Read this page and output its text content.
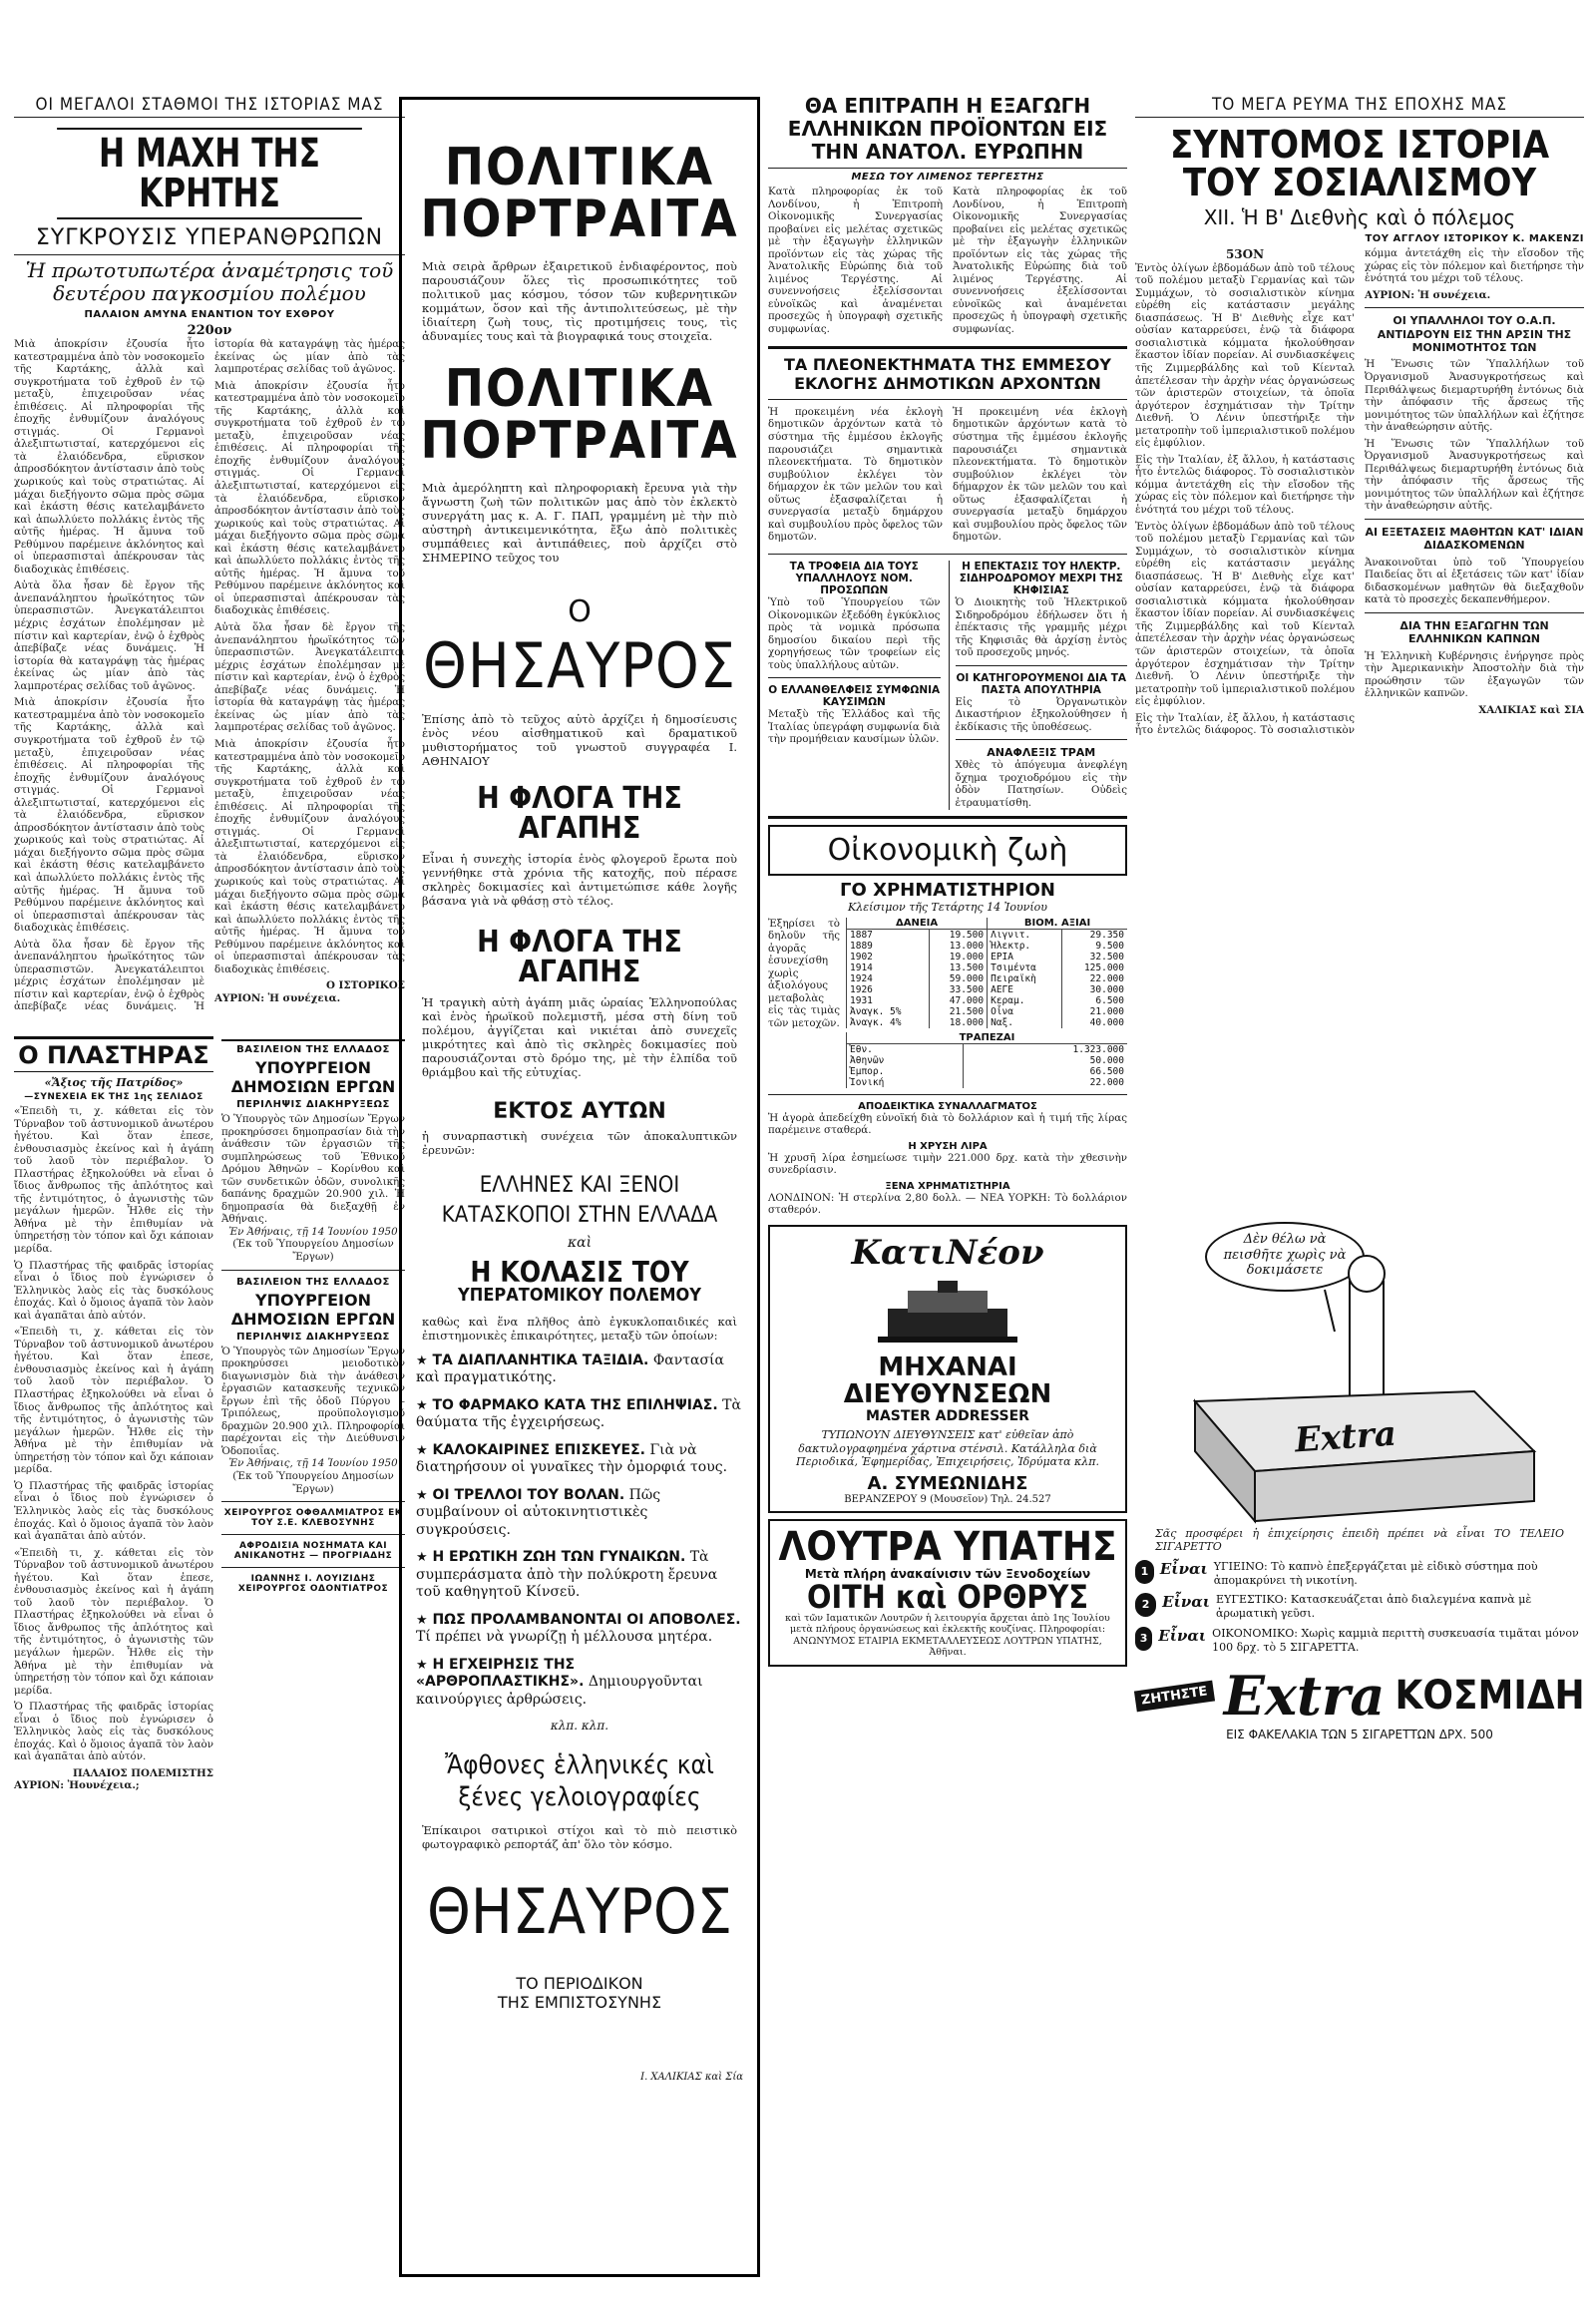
ΟΙ ΜΕΓΑΛΟΙ ΣΤΑΘΜΟΙ ΤΗΣ ΙΣΤΟΡΙΑΣ ΜΑΣ
Η ΜΑΧΗ ΤΗΣ ΚΡΗΤΗΣ
ΣΥΓΚΡΟΥΣΙΣ ΥΠΕΡΑΝΘΡΩΠΩΝ
Ἡ πρωτοτυπωτέρα ἀναμέτρησις τοῦ δευτέρου παγκοσμίου πολέμου
ΠΑΛΑΙΟΝ ΑΜΥΝΑ ΕΝΑΝΤΙΟΝ ΤΟΥ ΕΧΘΡΟΥ
220ον

Μιὰ ἀποκρίσιν ἐζουσία ἦτο κατεστραμμένα ἀπὸ τὸν νοσοκομεῖο τῆς Καρτάκης, ἀλλὰ καὶ συγκροτήματα τοῦ ἐχθροῦ ἐν τῷ μεταξὺ, ἐπιχειροῦσαν νέας ἐπιθέσεις. Αἱ πληροφορίαι τῆς ἐποχῆς ἐνθυμίζουν ἀναλόγους στιγμάς. Οἱ Γερμανοὶ ἀλεξιπτωτισταί, κατερχόμενοι εἰς τὰ ἐλαιόδενδρα, εὕρισκον ἀπροσδόκητον ἀντίστασιν ἀπὸ τοὺς χωρικούς καὶ τοὺς στρατιώτας. Αἱ μάχαι διεξήγοντο σῶμα πρὸς σῶμα καὶ ἐκάστη θέσις κατελαμβάνετο καὶ ἀπωλλύετο πολλάκις ἐντὸς τῆς αὐτῆς ἡμέρας. Ἡ ἄμυνα τοῦ Ρεθύμνου παρέμεινε ἀκλόνητος καὶ οἱ ὑπερασπισταὶ ἀπέκρουσαν τὰς διαδοχικὰς ἐπιθέσεις.

Αὐτὰ ὅλα ἦσαν δὲ ἔργον τῆς ἀνεπανάληπτου ἡρωϊκότητος τῶν ὑπερασπιστῶν. Ἀνεγκατάλειπτοι μέχρις ἐσχάτων ἐπολέμησαν μὲ πίστιν καὶ καρτερίαν, ἐνῷ ὁ ἐχθρὸς ἀπεβίβαζε νέας δυνάμεις. Ἡ ἰστορία θὰ καταγράψῃ τὰς ἡμέρας ἐκείνας ὡς μίαν ἀπὸ τὰς λαμπροτέρας σελίδας τοῦ ἀγῶνος.

Μιὰ ἀποκρίσιν ἐζουσία ἦτο κατεστραμμένα ἀπὸ τὸν νοσοκομεῖο τῆς Καρτάκης, ἀλλὰ καὶ συγκροτήματα τοῦ ἐχθροῦ ἐν τῷ μεταξὺ, ἐπιχειροῦσαν νέας ἐπιθέσεις. Αἱ πληροφορίαι τῆς ἐποχῆς ἐνθυμίζουν ἀναλόγους στιγμάς. Οἱ Γερμανοὶ ἀλεξιπτωτισταί, κατερχόμενοι εἰς τὰ ἐλαιόδενδρα, εὕρισκον ἀπροσδόκητον ἀντίστασιν ἀπὸ τοὺς χωρικούς καὶ τοὺς στρατιώτας. Αἱ μάχαι διεξήγοντο σῶμα πρὸς σῶμα καὶ ἐκάστη θέσις κατελαμβάνετο καὶ ἀπωλλύετο πολλάκις ἐντὸς τῆς αὐτῆς ἡμέρας. Ἡ ἄμυνα τοῦ Ρεθύμνου παρέμεινε ἀκλόνητος καὶ οἱ ὑπερασπισταὶ ἀπέκρουσαν τὰς διαδοχικὰς ἐπιθέσεις.

Αὐτὰ ὅλα ἦσαν δὲ ἔργον τῆς ἀνεπανάληπτου ἡρωϊκότητος τῶν ὑπερασπιστῶν. Ἀνεγκατάλειπτοι μέχρις ἐσχάτων ἐπολέμησαν μὲ πίστιν καὶ καρτερίαν, ἐνῷ ὁ ἐχθρὸς ἀπεβίβαζε νέας δυνάμεις. Ἡ ἰστορία θὰ καταγράψῃ τὰς ἡμέρας ἐκείνας ὡς μίαν ἀπὸ τὰς λαμπροτέρας σελίδας τοῦ ἀγῶνος.

Μιὰ ἀποκρίσιν ἐζουσία ἦτο κατεστραμμένα ἀπὸ τὸν νοσοκομεῖο τῆς Καρτάκης, ἀλλὰ καὶ συγκροτήματα τοῦ ἐχθροῦ ἐν τῷ μεταξὺ, ἐπιχειροῦσαν νέας ἐπιθέσεις. Αἱ πληροφορίαι τῆς ἐποχῆς ἐνθυμίζουν ἀναλόγους στιγμάς. Οἱ Γερμανοὶ ἀλεξιπτωτισταί, κατερχόμενοι εἰς τὰ ἐλαιόδενδρα, εὕρισκον ἀπροσδόκητον ἀντίστασιν ἀπὸ τοὺς χωρικούς καὶ τοὺς στρατιώτας. Αἱ μάχαι διεξήγοντο σῶμα πρὸς σῶμα καὶ ἐκάστη θέσις κατελαμβάνετο καὶ ἀπωλλύετο πολλάκις ἐντὸς τῆς αὐτῆς ἡμέρας. Ἡ ἄμυνα τοῦ Ρεθύμνου παρέμεινε ἀκλόνητος καὶ οἱ ὑπερασπισταὶ ἀπέκρουσαν τὰς διαδοχικὰς ἐπιθέσεις.

Αὐτὰ ὅλα ἦσαν δὲ ἔργον τῆς ἀνεπανάληπτου ἡρωϊκότητος τῶν ὑπερασπιστῶν. Ἀνεγκατάλειπτοι μέχρις ἐσχάτων ἐπολέμησαν μὲ πίστιν καὶ καρτερίαν, ἐνῷ ὁ ἐχθρὸς ἀπεβίβαζε νέας δυνάμεις. Ἡ ἰστορία θὰ καταγράψῃ τὰς ἡμέρας ἐκείνας ὡς μίαν ἀπὸ τὰς λαμπροτέρας σελίδας τοῦ ἀγῶνος.

Μιὰ ἀποκρίσιν ἐζουσία ἦτο κατεστραμμένα ἀπὸ τὸν νοσοκομεῖο τῆς Καρτάκης, ἀλλὰ καὶ συγκροτήματα τοῦ ἐχθροῦ ἐν τῷ μεταξὺ, ἐπιχειροῦσαν νέας ἐπιθέσεις. Αἱ πληροφορίαι τῆς ἐποχῆς ἐνθυμίζουν ἀναλόγους στιγμάς. Οἱ Γερμανοὶ ἀλεξιπτωτισταί, κατερχόμενοι εἰς τὰ ἐλαιόδενδρα, εὕρισκον ἀπροσδόκητον ἀντίστασιν ἀπὸ τοὺς χωρικούς καὶ τοὺς στρατιώτας. Αἱ μάχαι διεξήγοντο σῶμα πρὸς σῶμα καὶ ἐκάστη θέσις κατελαμβάνετο καὶ ἀπωλλύετο πολλάκις ἐντὸς τῆς αὐτῆς ἡμέρας. Ἡ ἄμυνα τοῦ Ρεθύμνου παρέμεινε ἀκλόνητος καὶ οἱ ὑπερασπισταὶ ἀπέκρουσαν τὰς διαδοχικὰς ἐπιθέσεις.

Ο ΙΣΤΟΡΙΚΟΣ

ΑΥΡΙΟΝ: Ἡ συνέχεια.

Ο ΠΛΑΣΤΗΡΑΣ
«Ἄξιος τῆς Πατρίδος»
—ΣΥΝΕΧΕΙΑ ΕΚ ΤΗΣ 1ης ΣΕΛΙΔΟΣ

«Ἐπειδὴ τι, χ. κάθεται εἰς τὸν Τύρναβον τοῦ ἀστυνομικοῦ ἀνωτέρου ἡγέτου. Καὶ ὅταν ἐπεσε, ἐνθουσιασμὸς ἐκείνος καὶ ἡ ἀγάπη τοῦ λαοῦ τὸν περιέβαλον. Ὁ Πλαστήρας ἐξηκολούθει νὰ εἶναι ὁ ἴδιος ἄνθρωπος τῆς ἁπλότητος καὶ τῆς ἐντιμότητος, ὁ ἀγωνιστὴς τῶν μεγάλων ἡμερῶν. Ἦλθε εἰς τὴν Ἀθήνα μὲ τὴν ἐπιθυμίαν νὰ ὑπηρετήσῃ τὸν τόπον καὶ ὄχι κάποιαν μερίδα.

Ὁ Πλαστήρας τῆς φαιδρᾶς ἱστορίας εἶναι ὁ ἴδιος ποὺ ἐγνώρισεν ὁ Ἑλληνικὸς λαὸς εἰς τὰς δυσκόλους ἐποχάς. Καὶ ὁ ὅμοιος ἀγαπᾶ τὸν λαὸν καὶ ἀγαπᾶται ἀπὸ αὐτόν.

«Ἐπειδὴ τι, χ. κάθεται εἰς τὸν Τύρναβον τοῦ ἀστυνομικοῦ ἀνωτέρου ἡγέτου. Καὶ ὅταν ἐπεσε, ἐνθουσιασμὸς ἐκείνος καὶ ἡ ἀγάπη τοῦ λαοῦ τὸν περιέβαλον. Ὁ Πλαστήρας ἐξηκολούθει νὰ εἶναι ὁ ἴδιος ἄνθρωπος τῆς ἁπλότητος καὶ τῆς ἐντιμότητος, ὁ ἀγωνιστὴς τῶν μεγάλων ἡμερῶν. Ἦλθε εἰς τὴν Ἀθήνα μὲ τὴν ἐπιθυμίαν νὰ ὑπηρετήσῃ τὸν τόπον καὶ ὄχι κάποιαν μερίδα.

Ὁ Πλαστήρας τῆς φαιδρᾶς ἱστορίας εἶναι ὁ ἴδιος ποὺ ἐγνώρισεν ὁ Ἑλληνικὸς λαὸς εἰς τὰς δυσκόλους ἐποχάς. Καὶ ὁ ὅμοιος ἀγαπᾶ τὸν λαὸν καὶ ἀγαπᾶται ἀπὸ αὐτόν.

«Ἐπειδὴ τι, χ. κάθεται εἰς τὸν Τύρναβον τοῦ ἀστυνομικοῦ ἀνωτέρου ἡγέτου. Καὶ ὅταν ἐπεσε, ἐνθουσιασμὸς ἐκείνος καὶ ἡ ἀγάπη τοῦ λαοῦ τὸν περιέβαλον. Ὁ Πλαστήρας ἐξηκολούθει νὰ εἶναι ὁ ἴδιος ἄνθρωπος τῆς ἁπλότητος καὶ τῆς ἐντιμότητος, ὁ ἀγωνιστὴς τῶν μεγάλων ἡμερῶν. Ἦλθε εἰς τὴν Ἀθήνα μὲ τὴν ἐπιθυμίαν νὰ ὑπηρετήσῃ τὸν τόπον καὶ ὄχι κάποιαν μερίδα.

Ὁ Πλαστήρας τῆς φαιδρᾶς ἱστορίας εἶναι ὁ ἴδιος ποὺ ἐγνώρισεν ὁ Ἑλληνικὸς λαὸς εἰς τὰς δυσκόλους ἐποχάς. Καὶ ὁ ὅμοιος ἀγαπᾶ τὸν λαὸν καὶ ἀγαπᾶται ἀπὸ αὐτόν.

ΠΑΛΑΙΟΣ ΠΟΛΕΜΙΣΤΗΣ

ΑΥΡΙΟΝ: Ἠουνέχεια.;

ΒΑΣΙΛΕΙΟΝ ΤΗΣ ΕΛΛΑΔΟΣ
ΥΠΟΥΡΓΕΙΟΝ ΔΗΜΟΣΙΩΝ ΕΡΓΩΝ
ΠΕΡΙΛΗΨΙΣ ΔΙΑΚΗΡΥΞΕΩΣ
Ὁ Ὑπουργὸς τῶν Δημοσίων Ἔργων προκηρύσσει δημοπρασίαν διὰ τὴν ἀνάθεσιν τῶν ἐργασιῶν τῆς συμπληρώσεως τοῦ Ἐθνικοῦ Δρόμου Ἀθηνῶν – Κορίνθου καὶ τῶν συνδετικῶν ὁδῶν, συνολικῆς δαπάνης δραχμῶν 20.900 χιλ. Ἡ δημοπρασία θὰ διεξαχθῇ ἐν Ἀθήναις.
Ἐν Ἀθήναις, τῇ 14 Ἰουνίου 1950
(Ἐκ τοῦ Ὑπουργείου Δημοσίων Ἔργων)
ΒΑΣΙΛΕΙΟΝ ΤΗΣ ΕΛΛΑΔΟΣ
ΥΠΟΥΡΓΕΙΟΝ ΔΗΜΟΣΙΩΝ ΕΡΓΩΝ
ΠΕΡΙΛΗΨΙΣ ΔΙΑΚΗΡΥΞΕΩΣ
Ὁ Ὑπουργὸς τῶν Δημοσίων Ἔργων προκηρύσσει μειοδοτικὸν διαγωνισμὸν διὰ τὴν ἀνάθεσιν ἐργασιῶν κατασκευῆς τεχνικῶν ἔργων ἐπὶ τῆς ὁδοῦ Πύργου – Τριπόλεως, προϋπολογισμοῦ δραχμῶν 20.900 χιλ. Πληροφορίαι παρέχονται εἰς τὴν Διεύθυνσιν Ὁδοποιΐας.
Ἐν Ἀθήναις, τῇ 14 Ἰουνίου 1950
(Ἐκ τοῦ Ὑπουργείου Δημοσίων Ἔργων)
ΧΕΙΡΟΥΡΓΟΣ ΟΦΘΑΛΜΙΑΤΡΟΣ ΕΚ ΤΟΥ Σ.Ε. ΚΛΕΒΟΣΥΝΗΣ
ΑΦΡΟΔΙΣΙΑ ΝΟΣΗΜΑΤΑ ΚΑΙ ΑΝΙΚΑΝΟΤΗΣ — ΠΡΟΓΡΙΑΔΗΣ
ΙΩΑΝΝΗΣ Ι. ΛΟΥΙΖΙΔΗΣ ΧΕΙΡΟΥΡΓΟΣ ΟΔΟΝΤΙΑΤΡΟΣ
ΠΟΛΙΤΙΚΑ
ΠΟΡΤΡΑΙΤΑ

Μιὰ σειρὰ ἄρθρων ἐξαιρετικοῦ ἐνδιαφέροντος, ποὺ παρουσιάζουν ὅλες τὶς προσωπικότητες τοῦ πολιτικοῦ μας κόσμου, τόσον τῶν κυβερνητικῶν κομμάτων, ὅσον καὶ τῆς ἀντιπολιτεύσεως, μὲ τὴν ἰδιαίτερη ζωὴ τους, τὶς προτιμήσεις τους, τὶς ἀδυναμίες τους καὶ τὰ βιογραφικά τους στοιχεῖα.

ΠΟΛΙΤΙΚΑ
ΠΟΡΤΡΑΙΤΑ

Μιὰ ἀμερόληπτη καὶ πληροφοριακὴ ἔρευνα γιὰ τὴν ἄγνωστη ζωὴ τῶν πολιτικῶν μας ἀπὸ τὸν ἐκλεκτὸ συνεργάτη μας κ. Α. Γ. ΠΑΠ, γραμμένη μὲ τὴν πιὸ αὐστηρὴ ἀντικειμενικότητα, ἔξω ἀπὸ πολιτικὲς συμπάθειες καὶ ἀντιπάθειες, ποὺ ἀρχίζει στὸ ΣΗΜΕΡΙΝΟ τεῦχος του

Ο
ΘΗΣΑΥΡΟΣ

Ἐπίσης ἀπὸ τὸ τεῦχος αὐτὸ ἀρχίζει ἡ δημοσίευσις ἑνὸς νέου αἰσθηματικοῦ καὶ δραματικοῦ μυθιστορήματος τοῦ γνωστοῦ συγγραφέα Ι. ΑΘΗΝΑΙΟΥ

Η ΦΛΟΓΑ ΤΗΣ ΑΓΑΠΗΣ

Εἶναι ἡ συνεχὴς ἱστορία ἑνὸς φλογεροῦ ἔρωτα ποὺ γεννήθηκε στὰ χρόνια τῆς κατοχῆς, ποὺ πέρασε σκληρὲς δοκιμασίες καὶ ἀντιμετώπισε κάθε λογῆς βάσανα γιὰ νὰ φθάσῃ στὸ τέλος.

Η ΦΛΟΓΑ ΤΗΣ ΑΓΑΠΗΣ

Ἡ τραγικὴ αὐτὴ ἀγάπη μιᾶς ὡραίας Ἑλληνοπούλας καὶ ἑνὸς ἡρωϊκοῦ πολεμιστῆ, μέσα στὴ δίνη τοῦ πολέμου, ἀγγίζεται καὶ νικιέται ἀπὸ συνεχεῖς μικρότητες καὶ ἀπὸ τὶς σκληρὲς δοκιμασίες ποὺ παρουσιάζονται στὸ δρόμο της, μὲ τὴν ἐλπίδα τοῦ θριάμβου καὶ τῆς εὐτυχίας.

ΕΚΤΟΣ ΑΥΤΩΝ

ἡ συναρπαστικὴ συνέχεια τῶν ἀποκαλυπτικῶν ἐρευνῶν:

ΕΛΛΗΝΕΣ ΚΑΙ ΞΕΝΟΙ ΚΑΤΑΣΚΟΠΟΙ ΣΤΗΝ ΕΛΛΑΔΑ
καὶ
Η ΚΟΛΑΣΙΣ ΤΟΥ
ΥΠΕΡΑΤΟΜΙΚΟΥ ΠΟΛΕΜΟΥ

καθὼς καὶ ἕνα πλῆθος ἀπὸ ἐγκυκλοπαιδικές καὶ ἐπιστημονικὲς ἐπικαιρότητες, μεταξὺ τῶν ὁποίων:

★ ΤΑ ΔΙΑΠΛΑΝΗΤΙΚΑ ΤΑΞΙΔΙΑ. Φαντασία καὶ πραγματικότης.
★ ΤΟ ΦΑΡΜΑΚΟ ΚΑΤΑ ΤΗΣ ΕΠΙΛΗΨΙΑΣ. Τὰ θαύματα τῆς ἐγχειρήσεως.
★ ΚΑΛΟΚΑΙΡΙΝΕΣ ΕΠΙΣΚΕΥΕΣ. Γιὰ νὰ διατηρήσουν οἱ γυναῖκες τὴν ὀμορφιά τους.
★ ΟΙ ΤΡΕΛΛΟΙ ΤΟΥ ΒΟΛΑΝ. Πῶς συμβαίνουν οἱ αὐτοκινητιστικὲς συγκρούσεις.
★ Η ΕΡΩΤΙΚΗ ΖΩΗ ΤΩΝ ΓΥΝΑΙΚΩΝ. Τὰ συμπεράσματα ἀπὸ τὴν πολύκροτη ἔρευνα τοῦ καθηγητοῦ Κίνσεϋ.
★ ΠΩΣ ΠΡΟΛΑΜΒΑΝΟΝΤΑΙ ΟΙ ΑΠΟΒΟΛΕΣ. Τί πρέπει νὰ γνωρίζῃ ἡ μέλλουσα μητέρα.
★ Η ΕΓΧΕΙΡΗΣΙΣ ΤΗΣ «ΑΡΘΡΟΠΛΑΣΤΙΚΗΣ». Δημιουργοῦνται καινούργιες ἀρθρώσεις.
κλπ. κλπ.
Ἄφθονες ἑλληνικές καὶ ξένες γελοιογραφίες

Ἐπίκαιροι σατιρικοὶ στίχοι καὶ τὸ πιὸ πειστικὸ φωτογραφικὸ ρεπορτάζ ἀπ' ὅλο τὸν κόσμο.

ΘΗΣΑΥΡΟΣ
ΤΟ ΠΕΡΙΟΔΙΚΟΝ
ΤΗΣ ΕΜΠΙΣΤΟΣΥΝΗΣ
Ι. ΧΑΛΙΚΙΑΣ καὶ Σία
ΘΑ ΕΠΙΤΡΑΠΗ Η ΕΞΑΓΩΓΗ ΕΛΛΗΝΙΚΩΝ ΠΡΟΪΟΝΤΩΝ ΕΙΣ ΤΗΝ ΑΝΑΤΟΛ. ΕΥΡΩΠΗΝ
ΜΕΣΩ ΤΟΥ ΛΙΜΕΝΟΣ ΤΕΡΓΕΣΤΗΣ

Κατὰ πληροφορίας ἐκ τοῦ Λονδίνου, ἡ Ἐπιτροπὴ Οἰκονομικῆς Συνεργασίας προβαίνει εἰς μελέτας σχετικῶς μὲ τὴν ἐξαγωγὴν ἑλληνικῶν προϊόντων εἰς τὰς χώρας τῆς Ἀνατολικῆς Εὐρώπης διὰ τοῦ λιμένος Τεργέστης. Αἱ συνεννοήσεις ἐξελίσσονται εὐνοϊκῶς καὶ ἀναμένεται προσεχῶς ἡ ὑπογραφὴ σχετικῆς συμφωνίας.

Κατὰ πληροφορίας ἐκ τοῦ Λονδίνου, ἡ Ἐπιτροπὴ Οἰκονομικῆς Συνεργασίας προβαίνει εἰς μελέτας σχετικῶς μὲ τὴν ἐξαγωγὴν ἑλληνικῶν προϊόντων εἰς τὰς χώρας τῆς Ἀνατολικῆς Εὐρώπης διὰ τοῦ λιμένος Τεργέστης. Αἱ συνεννοήσεις ἐξελίσσονται εὐνοϊκῶς καὶ ἀναμένεται προσεχῶς ἡ ὑπογραφὴ σχετικῆς συμφωνίας.

ΤΑ ΠΛΕΟΝΕΚΤΗΜΑΤΑ ΤΗΣ ΕΜΜΕΣΟΥ ΕΚΛΟΓΗΣ ΔΗΜΟΤΙΚΩΝ ΑΡΧΟΝΤΩΝ

Ἡ προκειμένη νέα ἐκλογὴ δημοτικῶν ἀρχόντων κατὰ τὸ σύστημα τῆς ἐμμέσου ἐκλογῆς παρουσιάζει σημαντικὰ πλεονεκτήματα. Τὸ δημοτικὸν συμβούλιον ἐκλέγει τὸν δήμαρχον ἐκ τῶν μελῶν του καὶ οὕτως ἐξασφαλίζεται ἡ συνεργασία μεταξὺ δημάρχου καὶ συμβουλίου πρὸς ὄφελος τῶν δημοτῶν.

Ἡ προκειμένη νέα ἐκλογὴ δημοτικῶν ἀρχόντων κατὰ τὸ σύστημα τῆς ἐμμέσου ἐκλογῆς παρουσιάζει σημαντικὰ πλεονεκτήματα. Τὸ δημοτικὸν συμβούλιον ἐκλέγει τὸν δήμαρχον ἐκ τῶν μελῶν του καὶ οὕτως ἐξασφαλίζεται ἡ συνεργασία μεταξὺ δημάρχου καὶ συμβουλίου πρὸς ὄφελος τῶν δημοτῶν.

ΤΑ ΤΡΟΦΕΙΑ ΔΙΑ ΤΟΥΣ ΥΠΑΛΛΗΛΟΥΣ ΝΟΜ. ΠΡΟΣΩΠΩΝ
Ὑπὸ τοῦ Ὑπουργείου τῶν Οἰκονομικῶν ἐξεδόθη ἐγκύκλιος πρὸς τὰ νομικὰ πρόσωπα δημοσίου δικαίου περὶ τῆς χορηγήσεως τῶν τροφείων εἰς τοὺς ὑπαλλήλους αὐτῶν.
Ο ΕΛΛΑΝΘΕΛΦΕΙΣ ΣΥΜΦΩΝΙΑ ΚΑΥΣΙΜΩΝ
Μεταξὺ τῆς Ἑλλάδος καὶ τῆς Ἰταλίας ὑπεγράφη συμφωνία διὰ τὴν προμήθειαν καυσίμων ὑλῶν.
Η ΕΠΕΚΤΑΣΙΣ ΤΟΥ ΗΛΕΚΤΡ. ΣΙΔΗΡΟΔΡΟΜΟΥ ΜΕΧΡΙ ΤΗΣ ΚΗΦΙΣΙΑΣ
Ὁ Διοικητὴς τοῦ Ἠλεκτρικοῦ Σιδηροδρόμου ἐδήλωσεν ὅτι ἡ ἐπέκτασις τῆς γραμμῆς μέχρι τῆς Κηφισιᾶς θὰ ἀρχίσῃ ἐντὸς τοῦ προσεχοῦς μηνός.
ΟΙ ΚΑΤΗΓΟΡΟΥΜΕΝΟΙ ΔΙΑ ΤΑ ΠΑΣΤΑ ΑΠΟΥΛΤΗΡΙΑ
Εἰς τὸ Ὀργανωτικὸν Δικαστήριον ἐξηκολούθησεν ἡ ἐκδίκασις τῆς ὑποθέσεως.
ΑΝΑΦΛΕΞΙΣ ΤΡΑΜ
Χθὲς τὸ ἀπόγευμα ἀνεφλέγη ὄχημα τροχιοδρόμου εἰς τὴν ὁδὸν Πατησίων. Οὐδεὶς ἐτραυματίσθη.
Οἰκονομικὴ ζωὴ
ΓΟ ΧΡΗΜΑΤΙΣΤΗΡΙΟΝ
Κλείσιμον τῆς Τετάρτης 14 Ἰουνίου
Ἐξηρίσει τὸ δηλοῦν τῆς ἀγορᾶς ἐσυνεχίσθη χωρὶς ἀξιολόγους μεταβολὰς εἰς τὰς τιμὰς τῶν μετοχῶν.
ΔΑΝΕΙΑ		ΒΙΟΜ. ΑΞΙΑΙ	
1887	19.500	Λιγνιτ.	29.350
1889	13.000	Ἡλεκτρ.	9.500
1902	19.000	ΕΡΙΑ	32.500
1914	13.500	Τσιμέντα	125.000
1924	59.000	Πειραϊκὴ	22.000
1926	33.500	ΑΕΓΕ	30.000
1931	47.000	Κεραμ.	6.500
Ἀναγκ. 5%	21.500	Οἶνα	21.000
Ἀναγκ. 4%	18.000	Ναξ.	40.000
ΤΡΑΠΕΖΑΙ	
Ἐθν.	1.323.000
Ἀθηνῶν	50.000
Ἐμπορ.	66.500
Ἰονική	22.000
ΑΠΟΔΕΙΚΤΙΚΑ ΣΥΝΑΛΛΑΓΜΑΤΟΣ
Ἡ ἀγορὰ ἀπεδείχθη εὐνοϊκή διὰ τὸ δολλάριον καὶ ἡ τιμή τῆς λίρας παρέμεινε σταθερά.
Η ΧΡΥΣΗ ΛΙΡΑ
Ἡ χρυσῆ λίρα ἐσημείωσε τιμὴν 221.000 δρχ. κατὰ τὴν χθεσινὴν συνεδρίασιν.
ΞΕΝΑ ΧΡΗΜΑΤΙΣΤΗΡΙΑ
ΛΟΝΔΙΝΟΝ: Ἡ στερλίνα 2,80 δολλ. — ΝΕΑ ΥΟΡΚΗ: Τὸ δολλάριον σταθερόν.
ΚατιΝέον
ΜΗΧΑΝΑΙ ΔΙΕΥΘΥΝΣΕΩΝ
MASTER ADDRESSER
ΤΥΠΩΝΟΥΝ ΔΙΕΥΘΥΝΣΕΙΣ κατ' εὐθεῖαν ἀπὸ δακτυλογραφημένα χάρτινα στένσιλ. Κατάλληλα διὰ Περιοδικά, Ἐφημερίδας, Ἐπιχειρήσεις, Ἰδρύματα κλπ.
Α. ΣΥΜΕΩΝΙΔΗΣ
ΒΕΡΑΝΖΕΡΟΥ 9 (Μουσεῖον) Τηλ. 24.527
ΛΟΥΤΡΑ ΥΠΑΤΗΣ
Μετὰ πλήρη ἀνακαίνισιν τῶν Ξενοδοχείων
ΟΙΤΗ καὶ ΟΡΘΡΥΣ
καὶ τῶν Ιαματικῶν Λουτρῶν ἡ λειτουργία ἄρχεται ἀπὸ 1ης Ἰουλίου μετὰ πλήρους ὀργανώσεως καὶ ἐκλεκτῆς κουζίνας. Πληροφορίαι: ΑΝΩΝΥΜΟΣ ΕΤΑΙΡΙΑ ΕΚΜΕΤΑΛΛΕΥΣΕΩΣ ΛΟΥΤΡΩΝ ΥΠΑΤΗΣ, Ἀθῆναι.
ΤΟ ΜΕΓΑ ΡΕΥΜΑ ΤΗΣ ΕΠΟΧΗΣ ΜΑΣ
ΣΥΝΤΟΜΟΣ ΙΣΤΟΡΙΑ
ΤΟΥ ΣΟΣΙΑΛΙΣΜΟΥ
XII. Ἡ Β' Διεθνὴς καὶ ὁ πόλεμος
ΤΟΥ ΑΓΓΛΟΥ ΙΣΤΟΡΙΚΟΥ Κ. ΜΑΚΕΝΖΙ
53ΟΝ

Ἐντὸς ὀλίγων ἐβδομάδων ἀπὸ τοῦ τέλους τοῦ πολέμου μεταξὺ Γερμανίας καὶ τῶν Συμμάχων, τὸ σοσιαλιστικὸν κίνημα εὑρέθη εἰς κατάστασιν μεγάλης διασπάσεως. Ἡ Β' Διεθνὴς εἶχε κατ' οὐσίαν καταρρεύσει, ἐνῷ τὰ διάφορα σοσιαλιστικὰ κόμματα ἠκολούθησαν ἕκαστον ἰδίαν πορείαν. Αἱ συνδιασκέψεις τῆς Ζιμμερβάλδης καὶ τοῦ Κίενταλ ἀπετέλεσαν τὴν ἀρχὴν νέας ὀργανώσεως τῶν ἀριστερῶν στοιχείων, τὰ ὁποῖα ἀργότερον ἐσχημάτισαν τὴν Τρίτην Διεθνῆ. Ὁ Λένιν ὑπεστήριξε τὴν μετατροπὴν τοῦ ἰμπεριαλιστικοῦ πολέμου εἰς ἐμφύλιον.

Εἰς τὴν Ἰταλίαν, ἐξ ἄλλου, ἡ κατάστασις ἦτο ἐντελῶς διάφορος. Τὸ σοσιαλιστικὸν κόμμα ἀντετάχθη εἰς τὴν εἴσοδον τῆς χώρας εἰς τὸν πόλεμον καὶ διετήρησε τὴν ἑνότητά του μέχρι τοῦ τέλους.

Ἐντὸς ὀλίγων ἐβδομάδων ἀπὸ τοῦ τέλους τοῦ πολέμου μεταξὺ Γερμανίας καὶ τῶν Συμμάχων, τὸ σοσιαλιστικὸν κίνημα εὑρέθη εἰς κατάστασιν μεγάλης διασπάσεως. Ἡ Β' Διεθνὴς εἶχε κατ' οὐσίαν καταρρεύσει, ἐνῷ τὰ διάφορα σοσιαλιστικὰ κόμματα ἠκολούθησαν ἕκαστον ἰδίαν πορείαν. Αἱ συνδιασκέψεις τῆς Ζιμμερβάλδης καὶ τοῦ Κίενταλ ἀπετέλεσαν τὴν ἀρχὴν νέας ὀργανώσεως τῶν ἀριστερῶν στοιχείων, τὰ ὁποῖα ἀργότερον ἐσχημάτισαν τὴν Τρίτην Διεθνῆ. Ὁ Λένιν ὑπεστήριξε τὴν μετατροπὴν τοῦ ἰμπεριαλιστικοῦ πολέμου εἰς ἐμφύλιον.

Εἰς τὴν Ἰταλίαν, ἐξ ἄλλου, ἡ κατάστασις ἦτο ἐντελῶς διάφορος. Τὸ σοσιαλιστικὸν κόμμα ἀντετάχθη εἰς τὴν εἴσοδον τῆς χώρας εἰς τὸν πόλεμον καὶ διετήρησε τὴν ἑνότητά του μέχρι τοῦ τέλους.

ΑΥΡΙΟΝ: Ἡ συνέχεια.

ΟΙ ΥΠΑΛΛΗΛΟΙ ΤΟΥ Ο.Α.Π. ΑΝΤΙΔΡΟΥΝ ΕΙΣ ΤΗΝ ΑΡΣΙΝ ΤΗΣ ΜΟΝΙΜΟΤΗΤΟΣ ΤΩΝ

Ἡ Ἕνωσις τῶν Ὑπαλλήλων τοῦ Ὀργανισμοῦ Ἀνασυγκροτήσεως καὶ Περιθάλψεως διεμαρτυρήθη ἐντόνως διὰ τὴν ἀπόφασιν τῆς ἄρσεως τῆς μονιμότητος τῶν ὑπαλλήλων καὶ ἐζήτησε τὴν ἀναθεώρησιν αὐτῆς.

Ἡ Ἕνωσις τῶν Ὑπαλλήλων τοῦ Ὀργανισμοῦ Ἀνασυγκροτήσεως καὶ Περιθάλψεως διεμαρτυρήθη ἐντόνως διὰ τὴν ἀπόφασιν τῆς ἄρσεως τῆς μονιμότητος τῶν ὑπαλλήλων καὶ ἐζήτησε τὴν ἀναθεώρησιν αὐτῆς.

ΑΙ ΕΞΕΤΑΣΕΙΣ ΜΑΘΗΤΩΝ ΚΑΤ' ΙΔΙΑΝ ΔΙΔΑΣΚΟΜΕΝΩΝ

Ἀνακοινοῦται ὑπὸ τοῦ Ὑπουργείου Παιδείας ὅτι αἱ ἐξετάσεις τῶν κατ' ἰδίαν διδασκομένων μαθητῶν θὰ διεξαχθοῦν κατὰ τὸ προσεχὲς δεκαπενθήμερον.

ΔΙΑ ΤΗΝ ΕΞΑΓΩΓΗΝ ΤΩΝ ΕΛΛΗΝΙΚΩΝ ΚΑΠΝΩΝ

Ἡ Ἑλληνικὴ Κυβέρνησις ἐνήργησε πρὸς τὴν Ἀμερικανικὴν Ἀποστολὴν διὰ τὴν προώθησιν τῶν ἐξαγωγῶν τῶν ἑλληνικῶν καπνῶν.

ΧΑΛΙΚΙΑΣ καὶ ΣΙΑ

Δὲν θέλω νὰ πεισθῆτε χωρὶς νὰ δοκιμάσετε
Extra
Σᾶς προσφέρει ἡ ἐπιχείρησις ἐπειδὴ πρέπει νὰ εἶναι ΤΟ ΤΕΛΕΙΟ ΣΙΓΑΡΕΤΤΟ
1 Εἶναι ΥΓΙΕΙΝΟ: Τὸ καπνὸ ἐπεξεργάζεται μὲ εἰδικὸ σύστημα ποὺ ἀπομακρύνει τὴ νικοτίνη.
2 Εἶναι ΕΥΓΕΣΤΙΚΟ: Κατασκευάζεται ἀπὸ διαλεγμένα καπνὰ μὲ ἀρωματικὴ γεῦσι.
3 Εἶναι ΟΙΚΟΝΟΜΙΚΟ: Χωρὶς καμμιὰ περιττὴ συσκευασία τιμᾶται μόνον 100 δρχ. τὸ 5 ΣΙΓΑΡΕΤΤΑ.
ΖΗΤΗΣΤΕ Extra ΚΟΣΜΙΔΗ
ΕΙΣ ΦΑΚΕΛΑΚΙΑ ΤΩΝ 5 ΣΙΓΑΡΕΤΤΩΝ ΔΡΧ. 500
